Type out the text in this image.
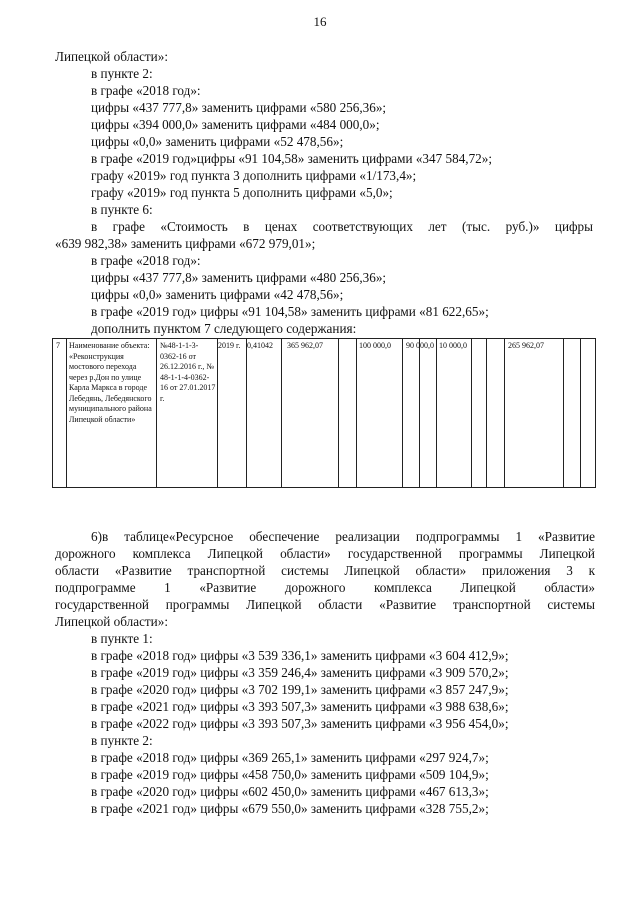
16
Липецкой области»:
в пункте 2:
в графе «2018 год»:
цифры «437 777,8» заменить цифрами «580 256,36»;
цифры «394 000,0» заменить цифрами «484 000,0»;
цифры «0,0» заменить цифрами «52 478,56»;
в графе «2019 год»цифры «91 104,58» заменить цифрами «347 584,72»;
графу «2019» год пункта 3 дополнить цифрами «1/173,4»;
графу «2019» год пункта 5 дополнить цифрами «5,0»;
в пункте 6:
в графе «Стоимость в ценах соответствующих лет (тыс. руб.)» цифры
«639 982,38» заменить цифрами «672 979,01»;
в графе «2018 год»:
цифры «437 777,8» заменить цифрами «480 256,36»;
цифры «0,0» заменить цифрами «42 478,56»;
в графе «2019 год» цифры «91 104,58» заменить цифрами «81 622,65»;
дополнить пунктом 7 следующего содержания:
7 Наименование объекта: «Реконструкция мостового перехода через р.Дон по улице Карла Маркса в городе Лебедянь, Лебедянского муниципального района Липецкой области»
№48-1-1-3-0362-16 от 26.12.2016 г., № 48-1-1-4-0362-16 от 27.01.2017 г.
2019 г. 0,41042 365 962,07	100 000,0 90 000,0 10 000,0	265 962,07
6)в таблице«Ресурсное обеспечение реализации подпрограммы 1 «Развитие
дорожного комплекса Липецкой области» государственной программы Липецкой
области «Развитие транспортной системы Липецкой области» приложения 3 к
подпрограмме 1 «Развитие дорожного комплекса Липецкой области»
государственной программы Липецкой области «Развитие транспортной системы
Липецкой области»:
в пункте 1:
в графе «2018 год» цифры «3 539 336,1» заменить цифрами «3 604 412,9»;
в графе «2019 год» цифры «3 359 246,4» заменить цифрами «3 909 570,2»;
в графе «2020 год» цифры «3 702 199,1» заменить цифрами «3 857 247,9»;
в графе «2021 год» цифры «3 393 507,3» заменить цифрами «3 988 638,6»;
в графе «2022 год» цифры «3 393 507,3» заменить цифрами «3 956 454,0»;
в пункте 2:
в графе «2018 год» цифры «369 265,1» заменить цифрами «297 924,7»;
в графе «2019 год» цифры «458 750,0» заменить цифрами «509 104,9»;
в графе «2020 год» цифры «602 450,0» заменить цифрами «467 613,3»;
в графе «2021 год» цифры «679 550,0» заменить цифрами «328 755,2»;
